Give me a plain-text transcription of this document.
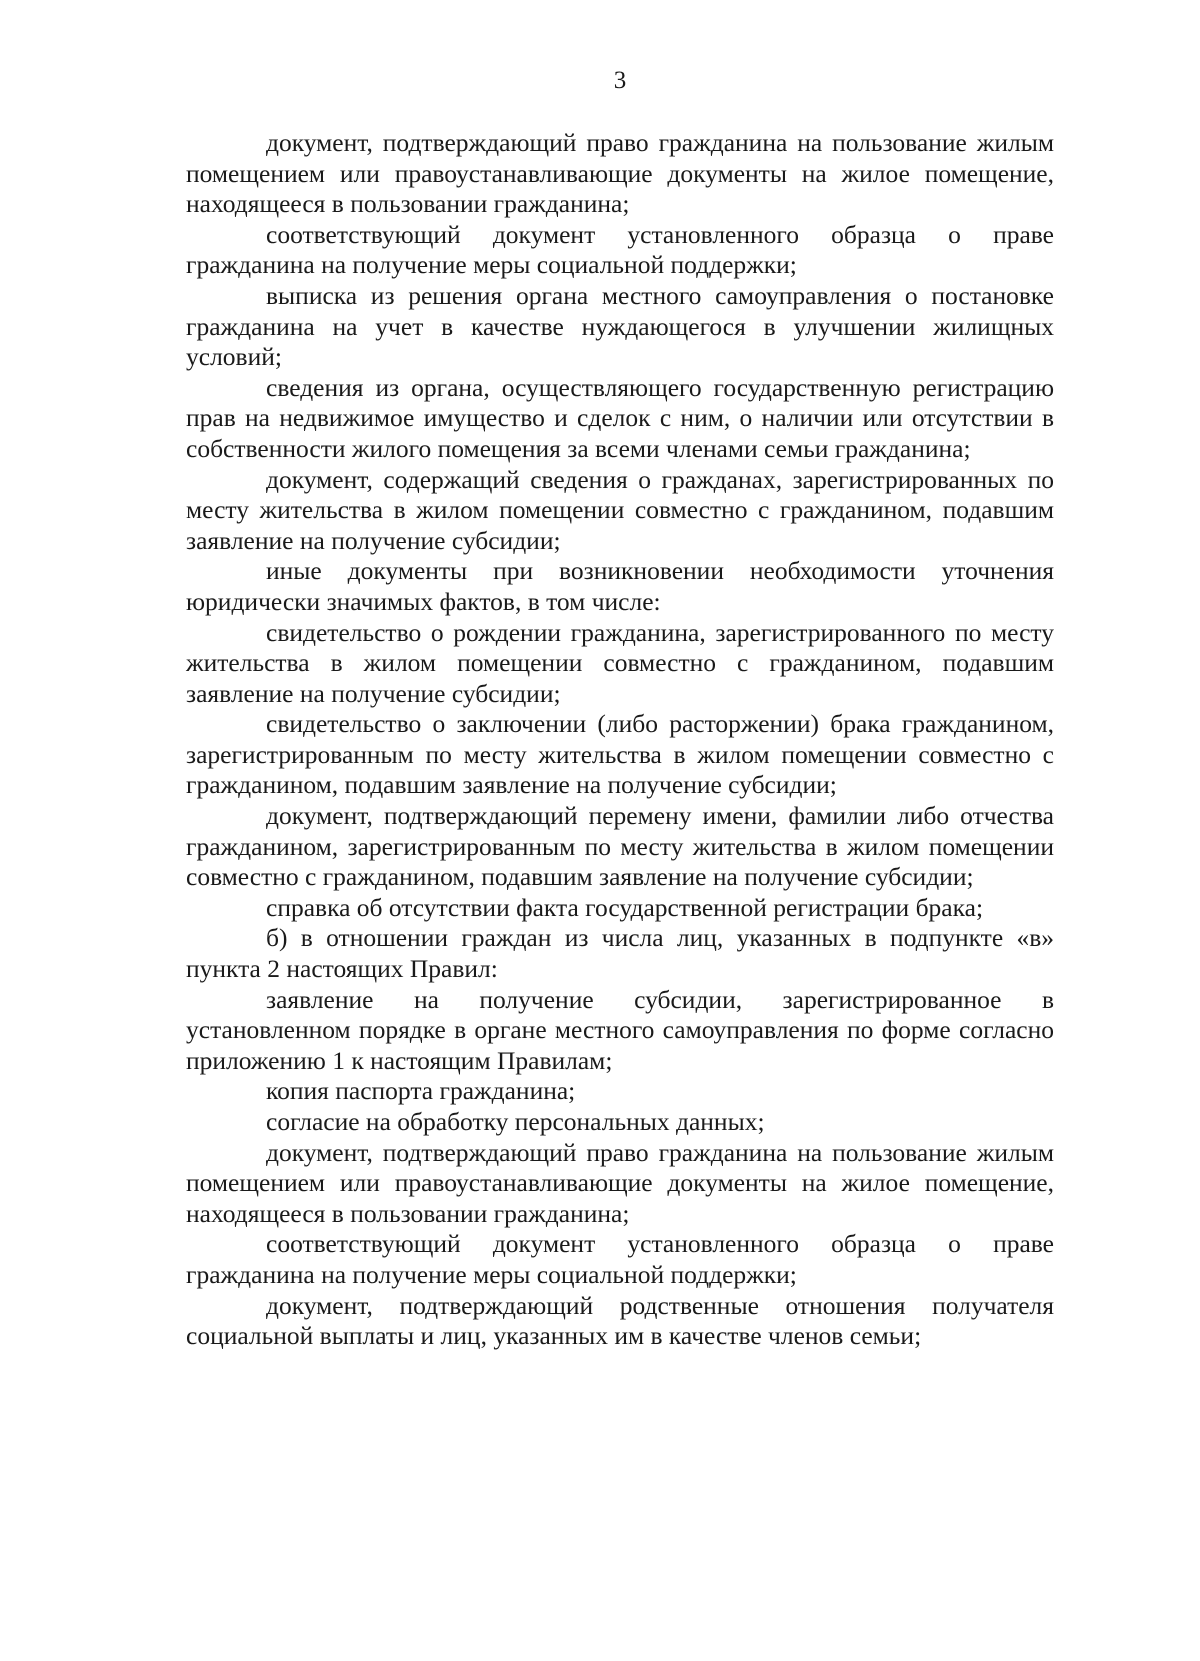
3

документ, подтверждающий право гражданина на пользование жилым помещением или правоустанавливающие документы на жилое помещение, находящееся в пользовании гражданина;

соответствующий документ установленного образца о праве гражданина на получение меры социальной поддержки;

выписка из решения органа местного самоуправления о постановке гражданина на учет в качестве нуждающегося в улучшении жилищных условий;

сведения из органа, осуществляющего государственную регистрацию прав на недвижимое имущество и сделок с ним, о наличии или отсутствии в собственности жилого помещения за всеми членами семьи гражданина;

документ, содержащий сведения о гражданах, зарегистрированных по месту жительства в жилом помещении совместно с гражданином, подавшим заявление на получение субсидии;

иные документы при возникновении необходимости уточнения юридически значимых фактов, в том числе:

свидетельство о рождении гражданина, зарегистрированного по месту жительства в жилом помещении совместно с гражданином, подавшим заявление на получение субсидии;

свидетельство о заключении (либо расторжении) брака гражданином, зарегистрированным по месту жительства в жилом помещении совместно с гражданином, подавшим заявление на получение субсидии;

документ, подтверждающий перемену имени, фамилии либо отчества гражданином, зарегистрированным по месту жительства в жилом помещении совместно с гражданином, подавшим заявление на получение субсидии;

справка об отсутствии факта государственной регистрации брака;

б) в отношении граждан из числа лиц, указанных в подпункте «в» пункта 2 настоящих Правил:

заявление на получение субсидии, зарегистрированное в установленном порядке в органе местного самоуправления по форме согласно приложению 1 к настоящим Правилам;

копия паспорта гражданина;

согласие на обработку персональных данных;

документ, подтверждающий право гражданина на пользование жилым помещением или правоустанавливающие документы на жилое помещение, находящееся в пользовании гражданина;

соответствующий документ установленного образца о праве гражданина на получение меры социальной поддержки;

документ, подтверждающий родственные отношения получателя социальной выплаты и лиц, указанных им в качестве членов семьи;
